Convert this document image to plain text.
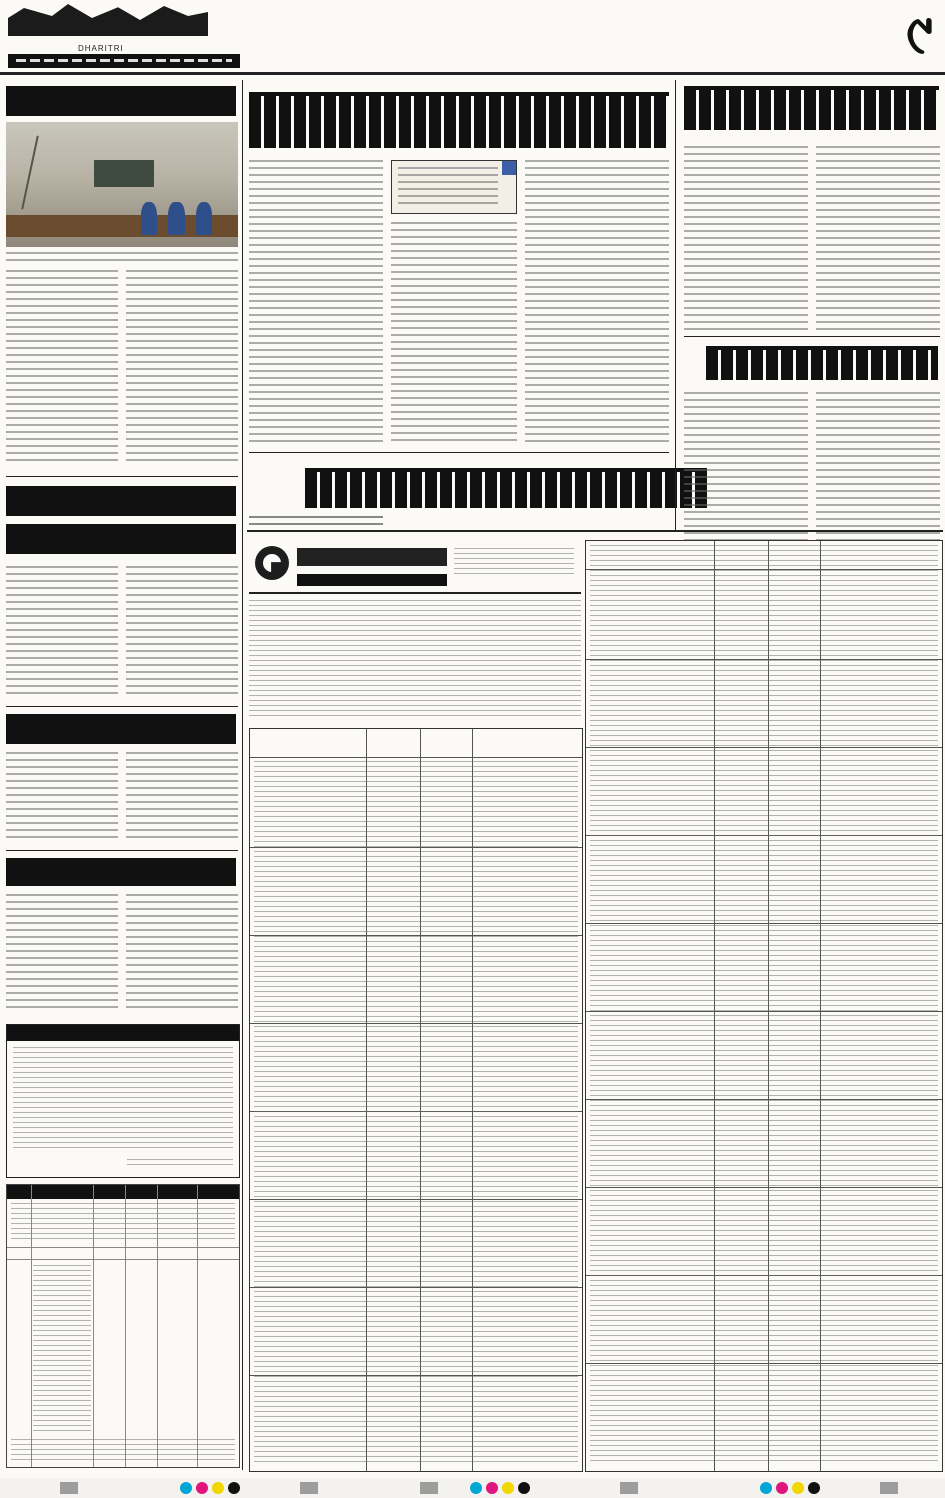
DHARITRI	୯
